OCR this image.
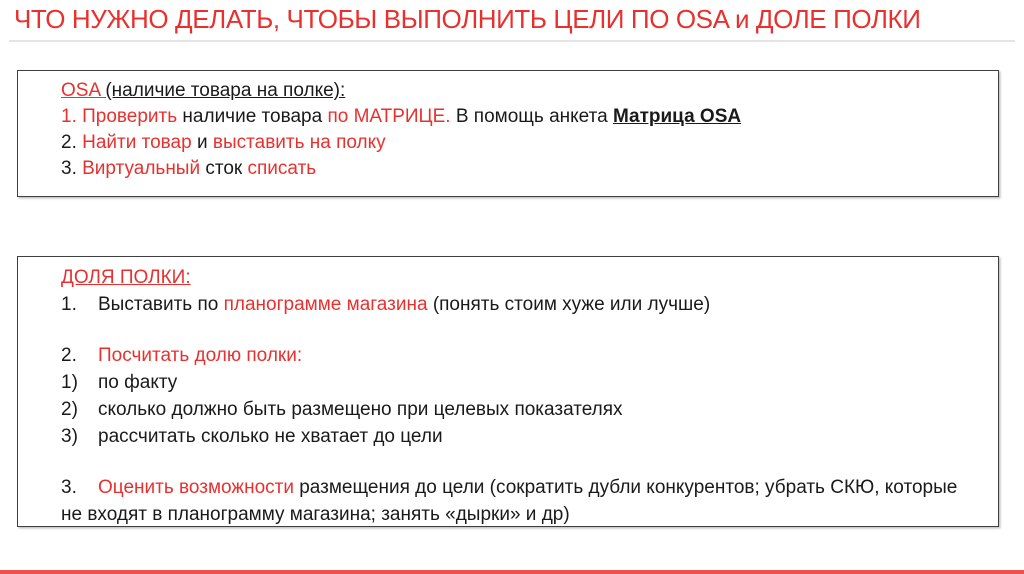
ЧТО НУЖНО ДЕЛАТЬ, ЧТОБЫ ВЫПОЛНИТЬ ЦЕЛИ ПО OSA и ДОЛЕ ПОЛКИ
OSA (наличие товара на полке):
1. Проверить наличие товара по МАТРИЦЕ. В помощь анкета Матрица OSA
2. Найти товар и выставить на полку
3. Виртуальный сток списать
ДОЛЯ ПОЛКИ:
1. Выставить по планограмме магазина (понять стоим хуже или лучше)
2. Посчитать долю полки:
1) по факту
2) сколько должно быть размещено при целевых показателях
3) рассчитать сколько не хватает до цели
3. Оценить возможности размещения до цели (сократить дубли конкурентов; убрать СКЮ, которые не входят в планограмму магазина; занять «дырки» и др)
